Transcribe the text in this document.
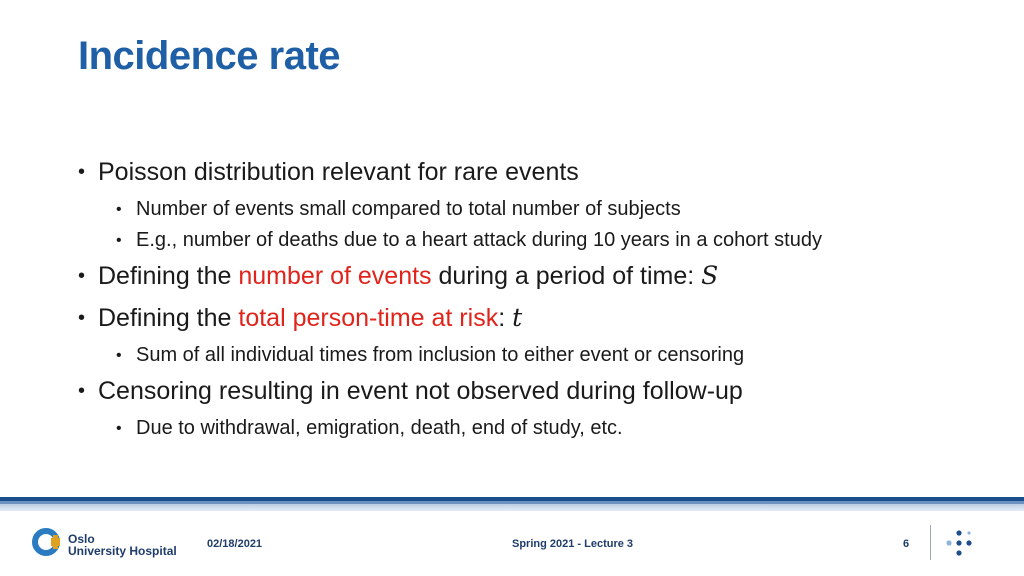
Incidence rate
• Poisson distribution relevant for rare events
• Number of events small compared to total number of subjects
• E.g., number of deaths due to a heart attack during 10 years in a cohort study
• Defining the number of events during a period of time: S
• Defining the total person-time at risk: t
• Sum of all individual times from inclusion to either event or censoring
• Censoring resulting in event not observed during follow-up
• Due to withdrawal, emigration, death, end of study, etc.
Oslo
University Hospital	02/18/2021	Spring 2021 - Lecture 3	6
